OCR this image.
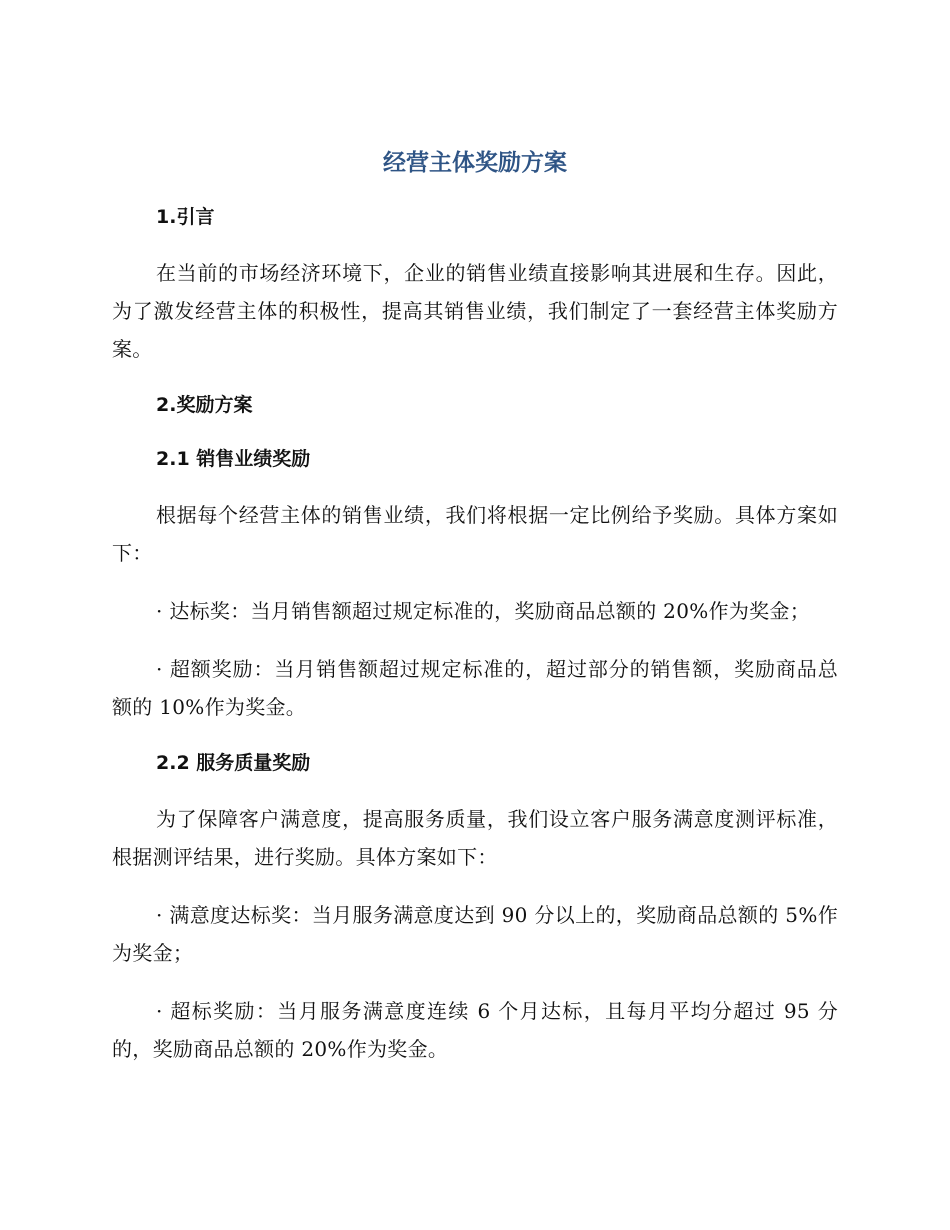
经营主体奖励方案
1.引言

在当前的市场经济环境下，企业的销售业绩直接影响其进展和生存。因此，为了激发经营主体的积极性，提高其销售业绩，我们制定了一套经营主体奖励方案。

2.奖励方案
2.1 销售业绩奖励

根据每个经营主体的销售业绩，我们将根据一定比例给予奖励。具体方案如下：

· 达标奖：当月销售额超过规定标准的，奖励商品总额的 20%作为奖金；

· 超额奖励：当月销售额超过规定标准的，超过部分的销售额，奖励商品总额的 10%作为奖金。

2.2 服务质量奖励

为了保障客户满意度，提高服务质量，我们设立客户服务满意度测评标准，根据测评结果，进行奖励。具体方案如下：

· 满意度达标奖：当月服务满意度达到 90 分以上的，奖励商品总额的 5%作为奖金；

· 超标奖励：当月服务满意度连续 6 个月达标，且每月平均分超过 95 分的，奖励商品总额的 20%作为奖金。
